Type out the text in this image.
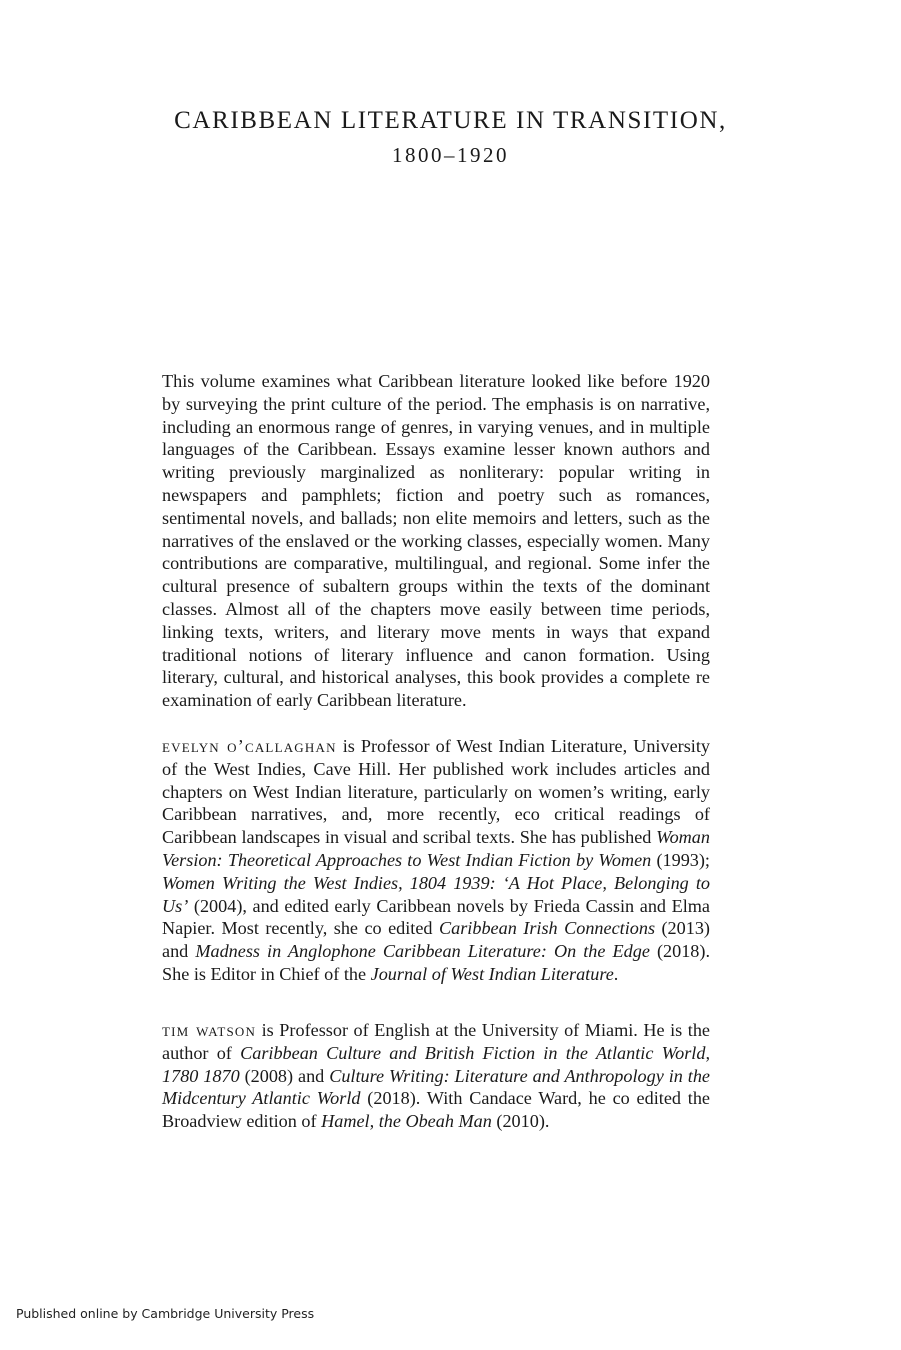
CARIBBEAN LITERATURE IN TRANSITION,
1800–1920

This volume examines what Caribbean literature looked like before 1920 by surveying the print culture of the period. The emphasis is on narrative, including an enormous range of genres, in varying venues, and in multiple languages of the Caribbean. Essays examine lesser known authors and writing previously marginalized as nonliterary: popular writing in newspapers and pamphlets; fiction and poetry such as romances, sentimental novels, and ballads; non elite memoirs and letters, such as the narratives of the enslaved or the working classes, especially women. Many contributions are comparative, multilingual, and regional. Some infer the cultural presence of subaltern groups within the texts of the dominant classes. Almost all of the chapters move easily between time periods, linking texts, writers, and literary move ments in ways that expand traditional notions of literary influence and canon formation. Using literary, cultural, and historical analyses, this book provides a complete re examination of early Caribbean literature.

evelyn o’callaghan is Professor of West Indian Literature, University of the West Indies, Cave Hill. Her published work includes articles and chapters on West Indian literature, particularly on women’s writing, early Caribbean narratives, and, more recently, eco critical readings of Caribbean landscapes in visual and scribal texts. She has published Woman Version: Theoretical Approaches to West Indian Fiction by Women (1993); Women Writing the West Indies, 1804 1939: ‘A Hot Place, Belonging to Us’ (2004), and edited early Caribbean novels by Frieda Cassin and Elma Napier. Most recently, she co edited Caribbean Irish Connections (2013) and Madness in Anglophone Caribbean Literature: On the Edge (2018). She is Editor in Chief of the Journal of West Indian Literature.

tim watson is Professor of English at the University of Miami. He is the author of Caribbean Culture and British Fiction in the Atlantic World, 1780 1870 (2008) and Culture Writing: Literature and Anthropology in the Midcentury Atlantic World (2018). With Candace Ward, he co edited the Broadview edition of Hamel, the Obeah Man (2010).

Published online by Cambridge University Press
